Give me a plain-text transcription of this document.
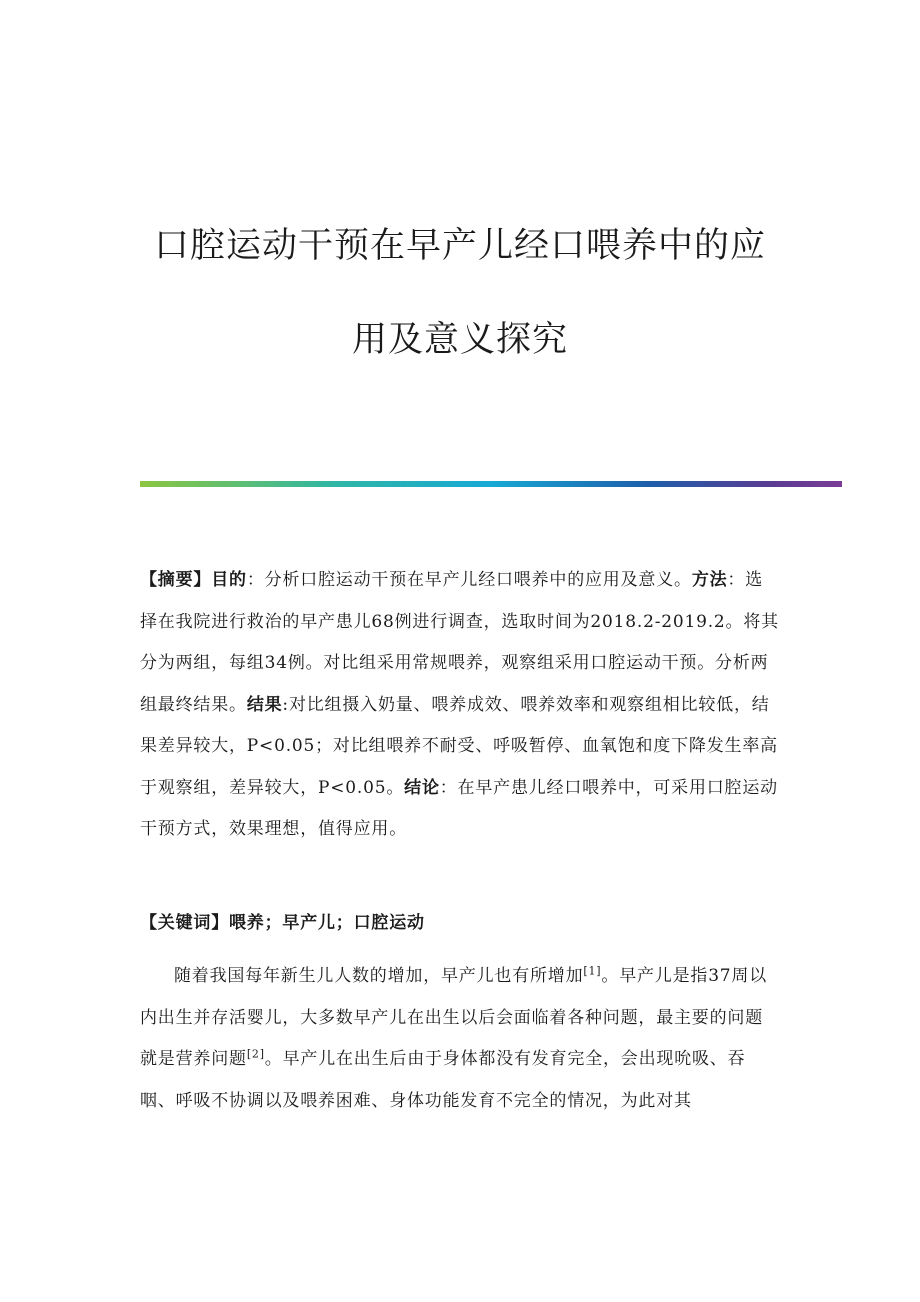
口腔运动干预在早产儿经口喂养中的应
用及意义探究

【摘要】目的：分析口腔运动干预在早产儿经口喂养中的应用及意义。方法：选择在我院进行救治的早产患儿68例进行调查，选取时间为2018.2-2019.2。将其分为两组，每组34例。对比组采用常规喂养，观察组采用口腔运动干预。分析两组最终结果。结果:对比组摄入奶量、喂养成效、喂养效率和观察组相比较低，结果差异较大，P<0.05；对比组喂养不耐受、呼吸暂停、血氧饱和度下降发生率高于观察组，差异较大，P<0.05。结论：在早产患儿经口喂养中，可采用口腔运动干预方式，效果理想，值得应用。

【关键词】喂养；早产儿；口腔运动

随着我国每年新生儿人数的增加，早产儿也有所增加[1]。早产儿是指37周以内出生并存活婴儿，大多数早产儿在出生以后会面临着各种问题，最主要的问题就是营养问题[2]。早产儿在出生后由于身体都没有发育完全，会出现吮吸、吞咽、呼吸不协调以及喂养困难、身体功能发育不完全的情况，为此对其
